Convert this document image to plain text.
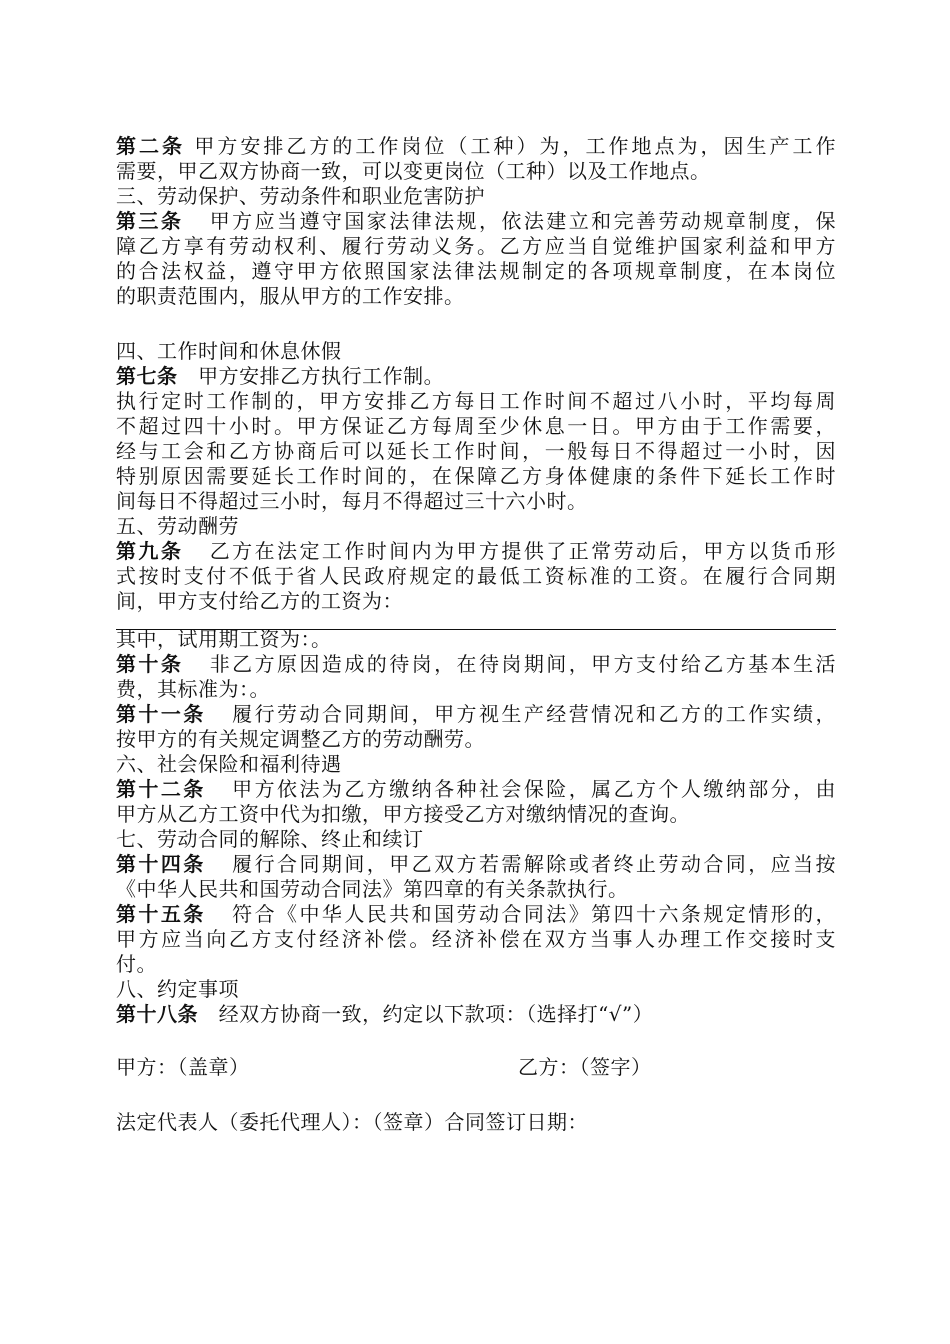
第二条 甲方安排乙方的工作岗位（工种）为，工作地点为，因生产工作
需要，甲乙双方协商一致，可以变更岗位（工种）以及工作地点。
三、劳动保护、劳动条件和职业危害防护
第三条 甲方应当遵守国家法律法规，依法建立和完善劳动规章制度，保
障乙方享有劳动权利、履行劳动义务。乙方应当自觉维护国家利益和甲方
的合法权益，遵守甲方依照国家法律法规制定的各项规章制度，在本岗位
的职责范围内，服从甲方的工作安排。
四、工作时间和休息休假
第七条 甲方安排乙方执行工作制。
执行定时工作制的，甲方安排乙方每日工作时间不超过八小时，平均每周
不超过四十小时。甲方保证乙方每周至少休息一日。甲方由于工作需要，
经与工会和乙方协商后可以延长工作时间，一般每日不得超过一小时，因
特别原因需要延长工作时间的，在保障乙方身体健康的条件下延长工作时
间每日不得超过三小时，每月不得超过三十六小时。
五、劳动酬劳
第九条 乙方在法定工作时间内为甲方提供了正常劳动后，甲方以货币形
式按时支付不低于省人民政府规定的最低工资标准的工资。在履行合同期
间，甲方支付给乙方的工资为：
其中，试用期工资为：。
第十条 非乙方原因造成的待岗，在待岗期间，甲方支付给乙方基本生活
费，其标准为：。
第十一条 履行劳动合同期间，甲方视生产经营情况和乙方的工作实绩，
按甲方的有关规定调整乙方的劳动酬劳。
六、社会保险和福利待遇
第十二条 甲方依法为乙方缴纳各种社会保险，属乙方个人缴纳部分，由
甲方从乙方工资中代为扣缴，甲方接受乙方对缴纳情况的查询。
七、劳动合同的解除、终止和续订
第十四条 履行合同期间，甲乙双方若需解除或者终止劳动合同，应当按
《中华人民共和国劳动合同法》第四章的有关条款执行。
第十五条 符合《中华人民共和国劳动合同法》第四十六条规定情形的，
甲方应当向乙方支付经济补偿。经济补偿在双方当事人办理工作交接时支
付。
八、约定事项
第十八条 经双方协商一致，约定以下款项：（选择打“√”）
甲方：（盖章）	乙方：（签字）
法定代表人（委托代理人）：（签章）合同签订日期：
